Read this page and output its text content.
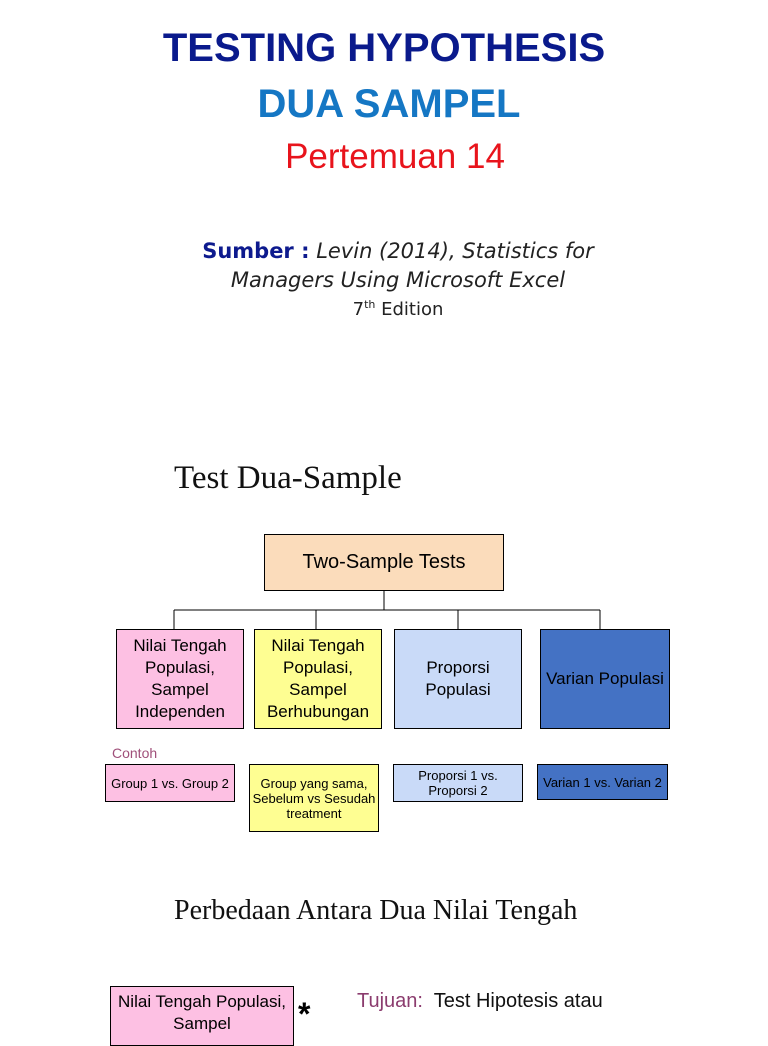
TESTING HYPOTHESIS
DUA SAMPEL
Pertemuan 14
Sumber : Levin (2014), Statistics for
Managers Using Microsoft Excel
7th Edition
Test Dua-Sample
Two-Sample Tests
Nilai Tengah Populasi, Sampel Independen
Nilai Tengah Populasi, Sampel Berhubungan
Proporsi Populasi
Varian Populasi
Contoh
Group 1 vs. Group 2	Group yang sama, Sebelum vs Sesudah treatment
Proporsi 1 vs. Proporsi 2
Varian 1 vs. Varian 2
Perbedaan Antara Dua Nilai Tengah
Nilai Tengah Populasi, Sampel	* Tujuan: Test Hipotesis atau
